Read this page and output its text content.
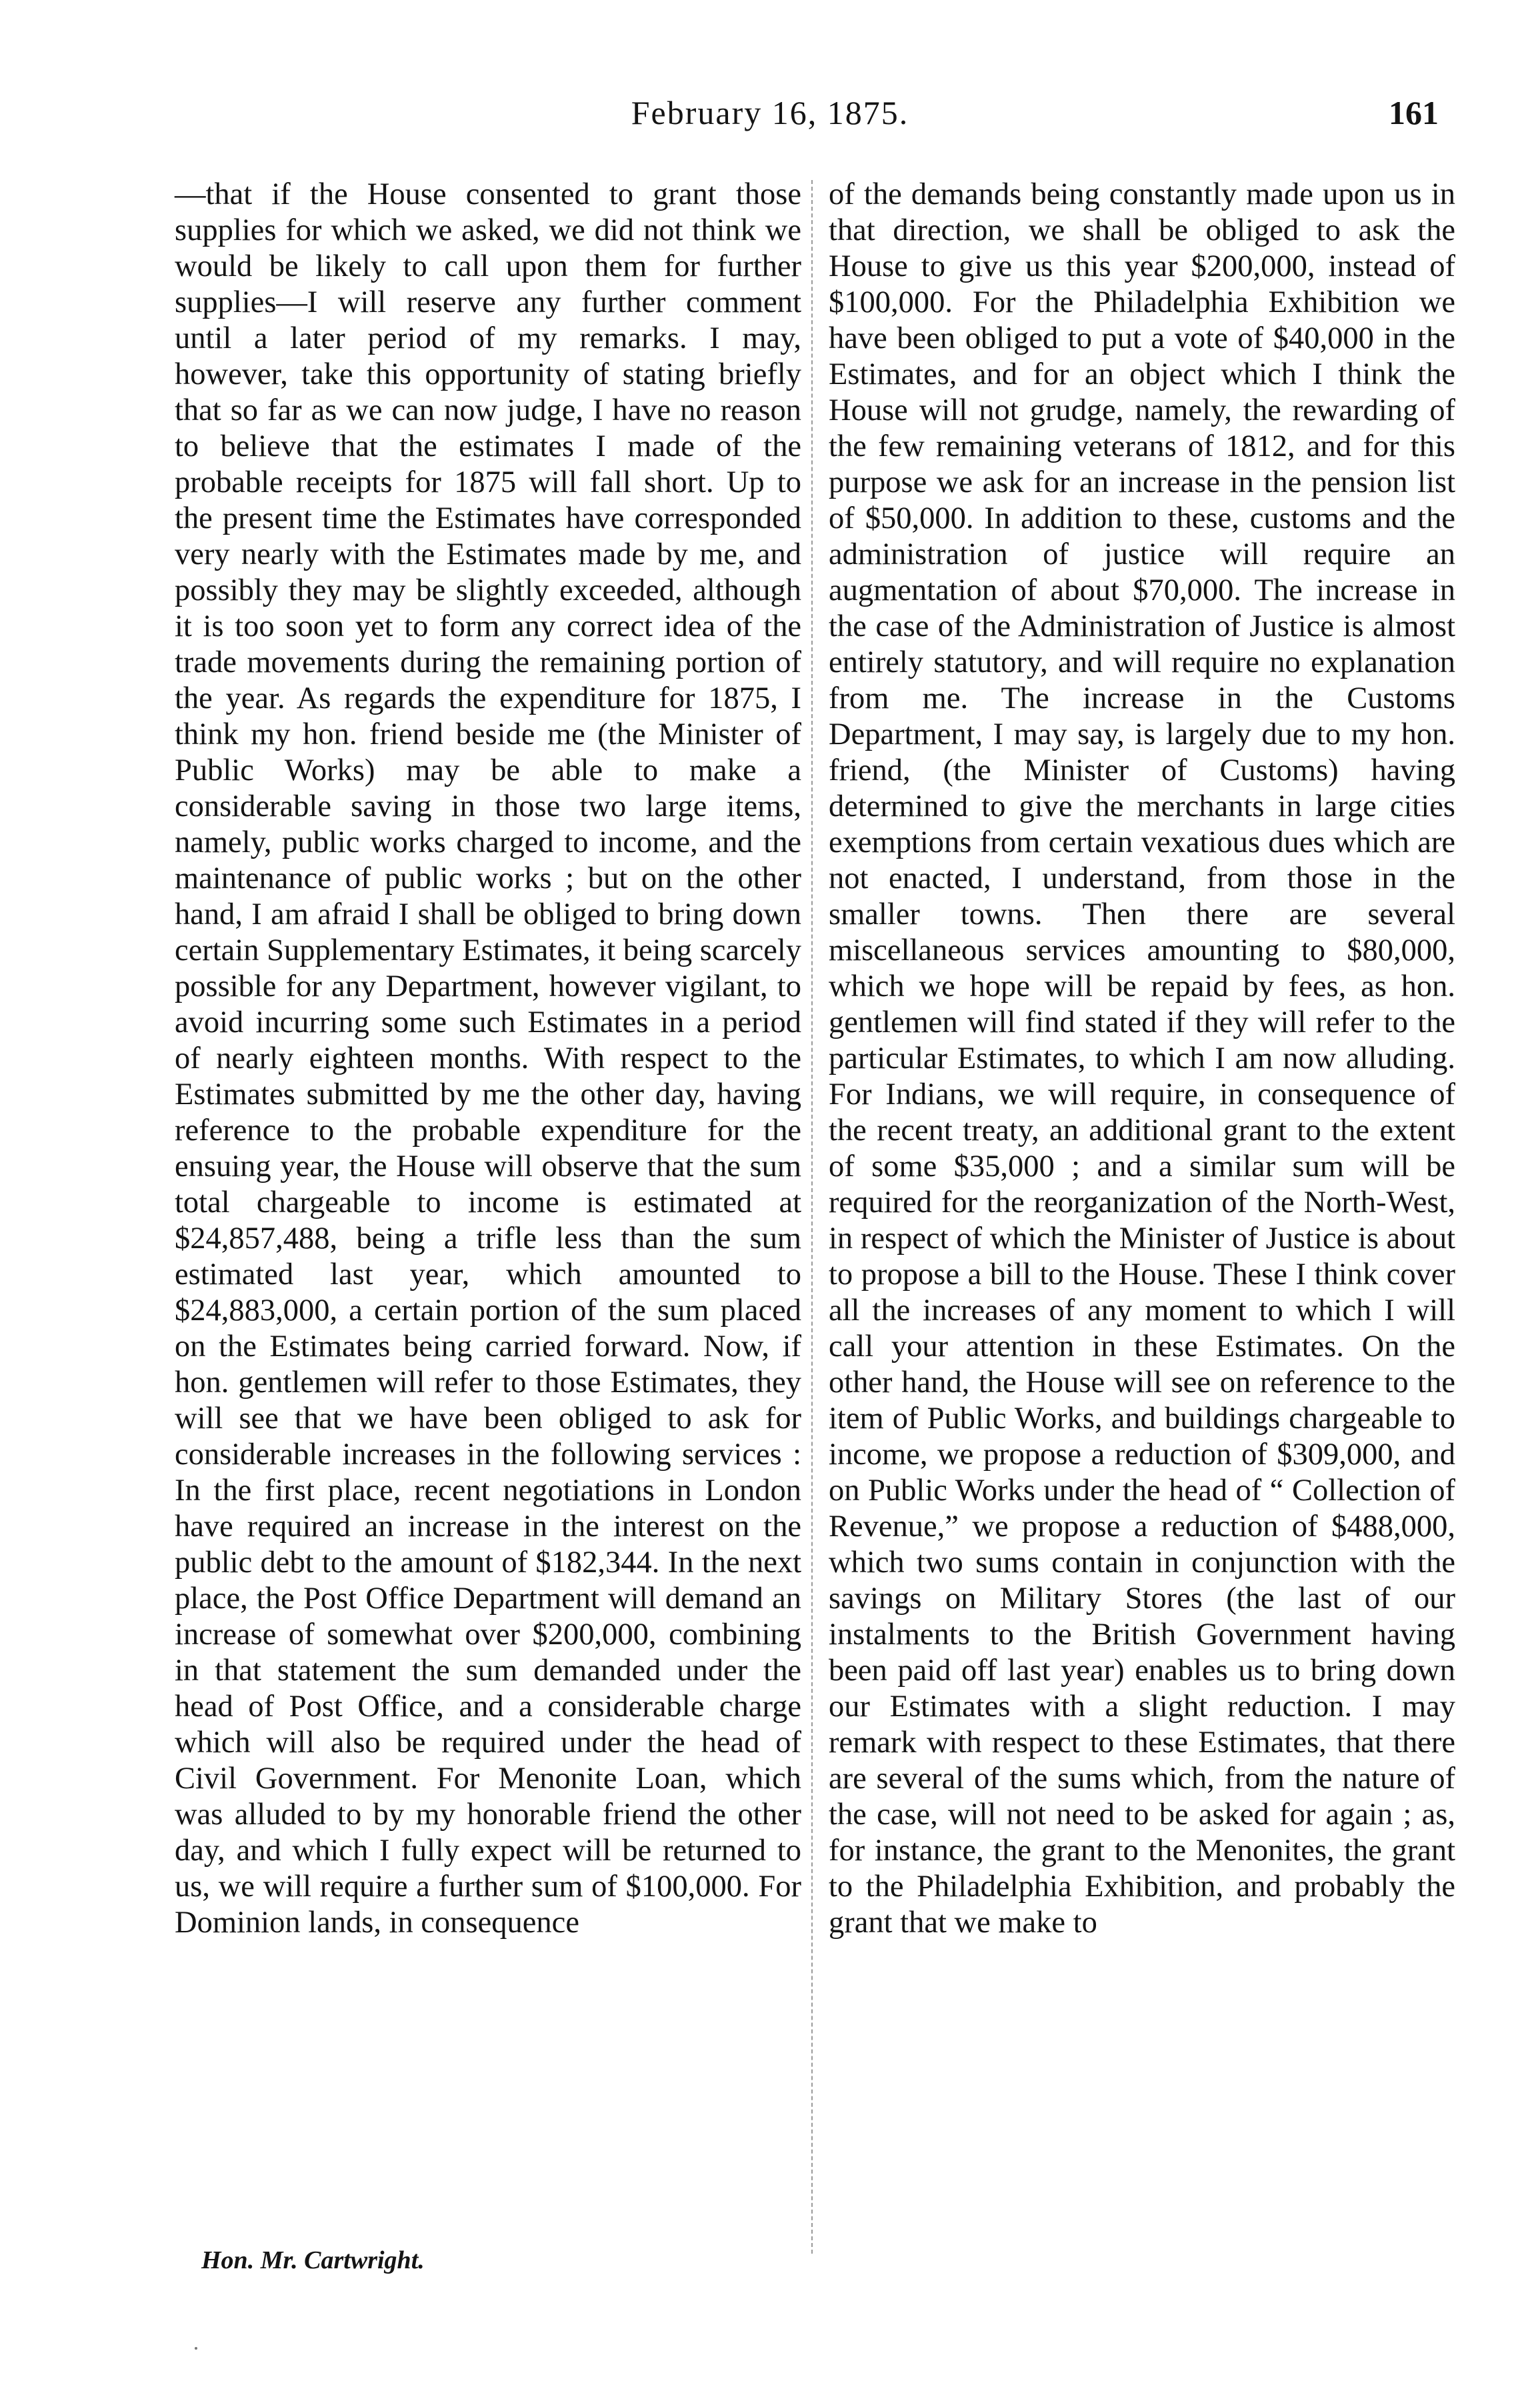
February 16, 1875.	161

—that if the House consented to grant those supplies for which we asked, we did not think we would be likely to call upon them for further supplies—I will reserve any further comment until a later period of my remarks. I may, however, take this opportunity of stating briefly that so far as we can now judge, I have no reason to believe that the estimates I made of the probable receipts for 1875 will fall short. Up to the present time the Estimates have corresponded very nearly with the Estimates made by me, and possibly they may be slightly exceeded, although it is too soon yet to form any correct idea of the trade movements during the remaining portion of the year. As regards the expenditure for 1875, I think my hon. friend beside me (the Minister of Public Works) may be able to make a considerable saving in those two large items, namely, public works charged to income, and the maintenance of public works ; but on the other hand, I am afraid I shall be obliged to bring down certain Supplementary Estimates, it being scarcely possible for any Department, however vigilant, to avoid incurring some such Estimates in a period of nearly eighteen months. With respect to the Estimates submitted by me the other day, having reference to the probable expenditure for the ensuing year, the House will observe that the sum total chargeable to income is estimated at $24,857,488, being a trifle less than the sum estimated last year, which amounted to $24,883,000, a certain portion of the sum placed on the Estimates being carried forward. Now, if hon. gentlemen will refer to those Estimates, they will see that we have been obliged to ask for considerable increases in the following services : In the first place, recent negotiations in London have required an increase in the interest on the public debt to the amount of $182,344. In the next place, the Post Office Department will demand an increase of somewhat over $200,000, combining in that statement the sum demanded under the head of Post Office, and a considerable charge which will also be required under the head of Civil Government. For Menonite Loan, which was alluded to by my honorable friend the other day, and which I fully expect will be returned to us, we will require a further sum of $100,000. For Dominion lands, in consequence

of the demands being constantly made upon us in that direction, we shall be obliged to ask the House to give us this year $200,000, instead of $100,000. For the Philadelphia Exhibition we have been obliged to put a vote of $40,000 in the Estimates, and for an object which I think the House will not grudge, namely, the rewarding of the few remaining veterans of 1812, and for this purpose we ask for an increase in the pension list of $50,000. In addition to these, customs and the administration of justice will require an augmentation of about $70,000. The increase in the case of the Administration of Justice is almost entirely statutory, and will require no explanation from me. The increase in the Customs Department, I may say, is largely due to my hon. friend, (the Minister of Customs) having determined to give the merchants in large cities exemptions from certain vexatious dues which are not enacted, I understand, from those in the smaller towns. Then there are several miscellaneous services amounting to $80,000, which we hope will be repaid by fees, as hon. gentlemen will find stated if they will refer to the particular Estimates, to which I am now alluding. For Indians, we will require, in consequence of the recent treaty, an additional grant to the extent of some $35,000 ; and a similar sum will be required for the reorganization of the North-West, in respect of which the Minister of Justice is about to propose a bill to the House. These I think cover all the increases of any moment to which I will call your attention in these Estimates. On the other hand, the House will see on reference to the item of Public Works, and buildings chargeable to income, we propose a reduction of $309,000, and on Public Works under the head of “ Collection of Revenue,” we propose a reduction of $488,000, which two sums contain in conjunction with the savings on Military Stores (the last of our instalments to the British Government having been paid off last year) enables us to bring down our Estimates with a slight reduction. I may remark with respect to these Estimates, that there are several of the sums which, from the nature of the case, will not need to be asked for again ; as, for instance, the grant to the Menonites, the grant to the Philadelphia Exhibition, and probably the grant that we make to

Hon. Mr. Cartwright.
